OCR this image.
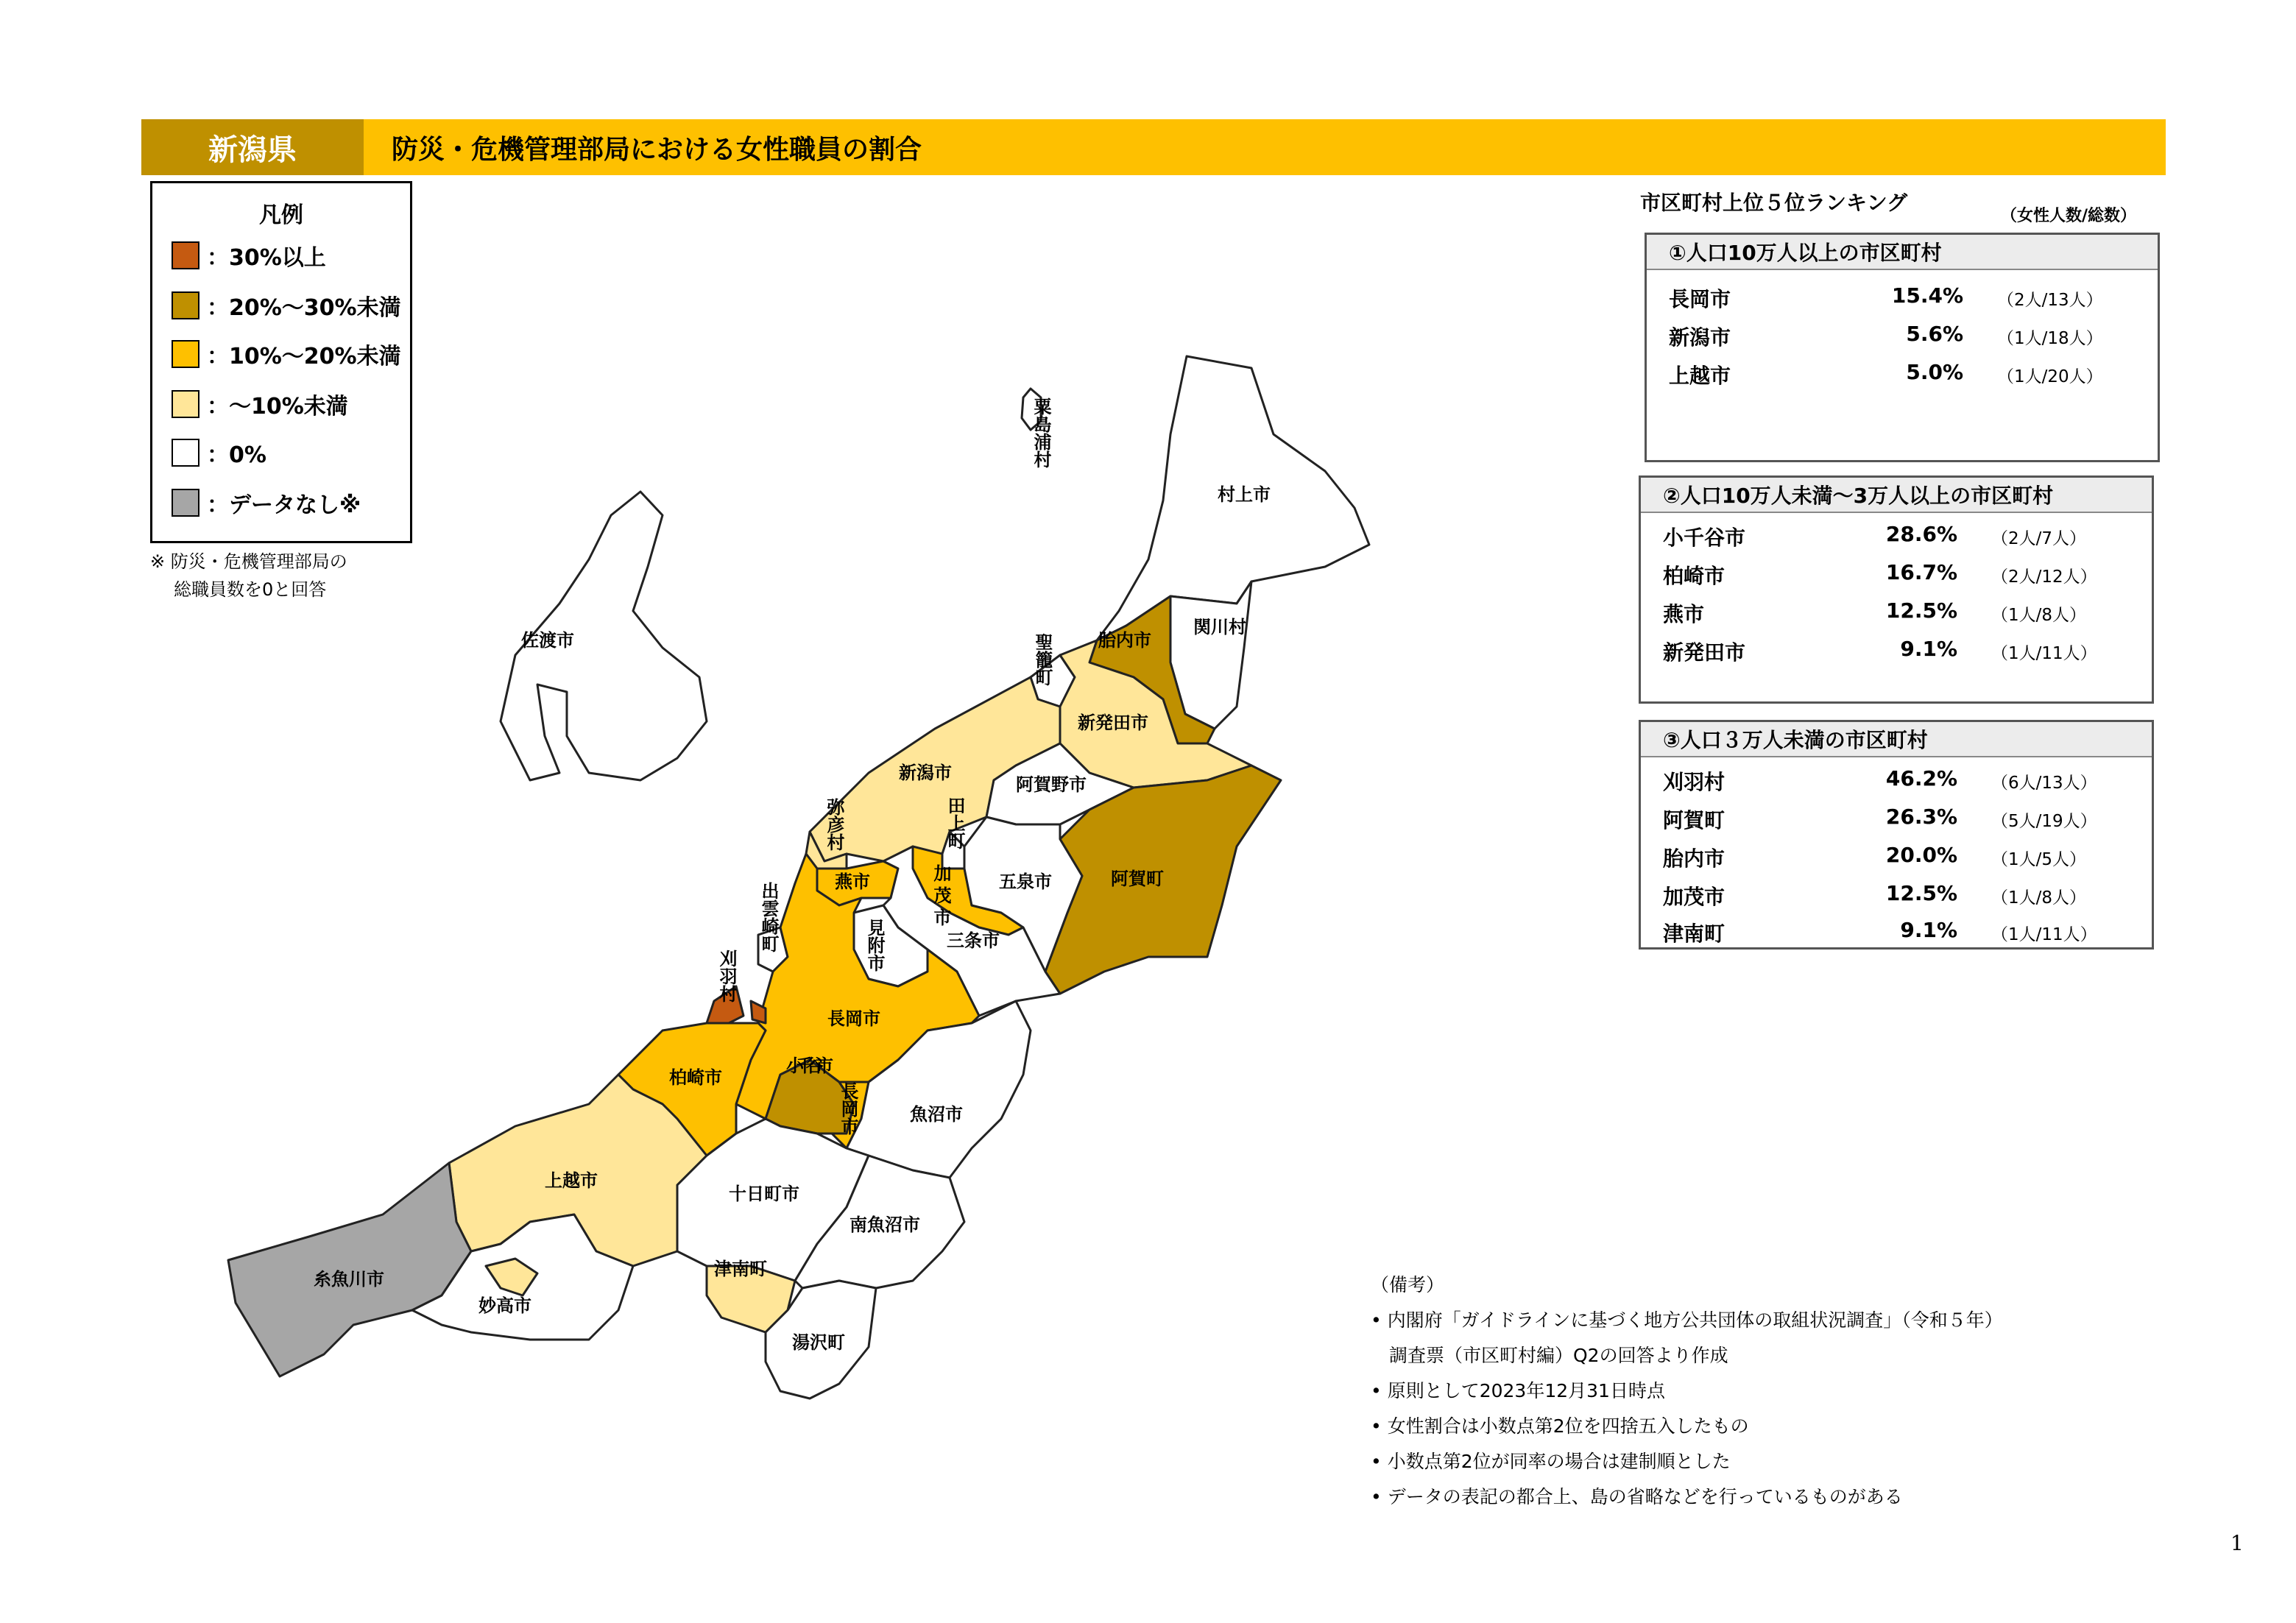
粟島浦村
村上市
関川村
胎内市
聖籠町
新発田市
新潟市
阿賀野市
弥彦村	田上町
燕市	加茂市	五泉市	阿賀町
出雲崎町	見附市	三条市
刈羽村
長岡市
柏崎市
小千谷市
長岡市	魚沼市
佐渡市
上越市
十日町市
南魚沼市
糸魚川市	津南町
妙高市
湯沢町
新潟県	防災・危機管理部局における女性職員の割合
凡例
：30%以上
：20%～30%未満
：10%～20%未満
：～10%未満
：0%
：データなし※
※ 防災・危機管理部局の
総職員数を0と回答
市区町村上位５位ランキング
（女性人数/総数）
①人口10万人以上の市区町村
長岡市	15.4% （2人/13人）
新潟市	5.6% （1人/18人）
上越市	5.0% （1人/20人）
②人口10万人未満～3万人以上の市区町村
小千谷市	28.6% （2人/7人）
柏崎市	16.7% （2人/12人）
燕市	12.5% （1人/8人）
新発田市	9.1% （1人/11人）
③人口３万人未満の市区町村
刈羽村	46.2% （6人/13人）
阿賀町	26.3% （5人/19人）
胎内市	20.0% （1人/5人）
加茂市	12.5% （1人/8人）
津南町	9.1% （1人/11人）
（備考）
• 内閣府「ガイドラインに基づく地方公共団体の取組状況調査」（令和５年）
　調査票（市区町村編）Q2の回答より作成
• 原則として2023年12月31日時点
• 女性割合は小数点第2位を四捨五入したもの
• 小数点第2位が同率の場合は建制順とした
• データの表記の都合上、島の省略などを行っているものがある
1
